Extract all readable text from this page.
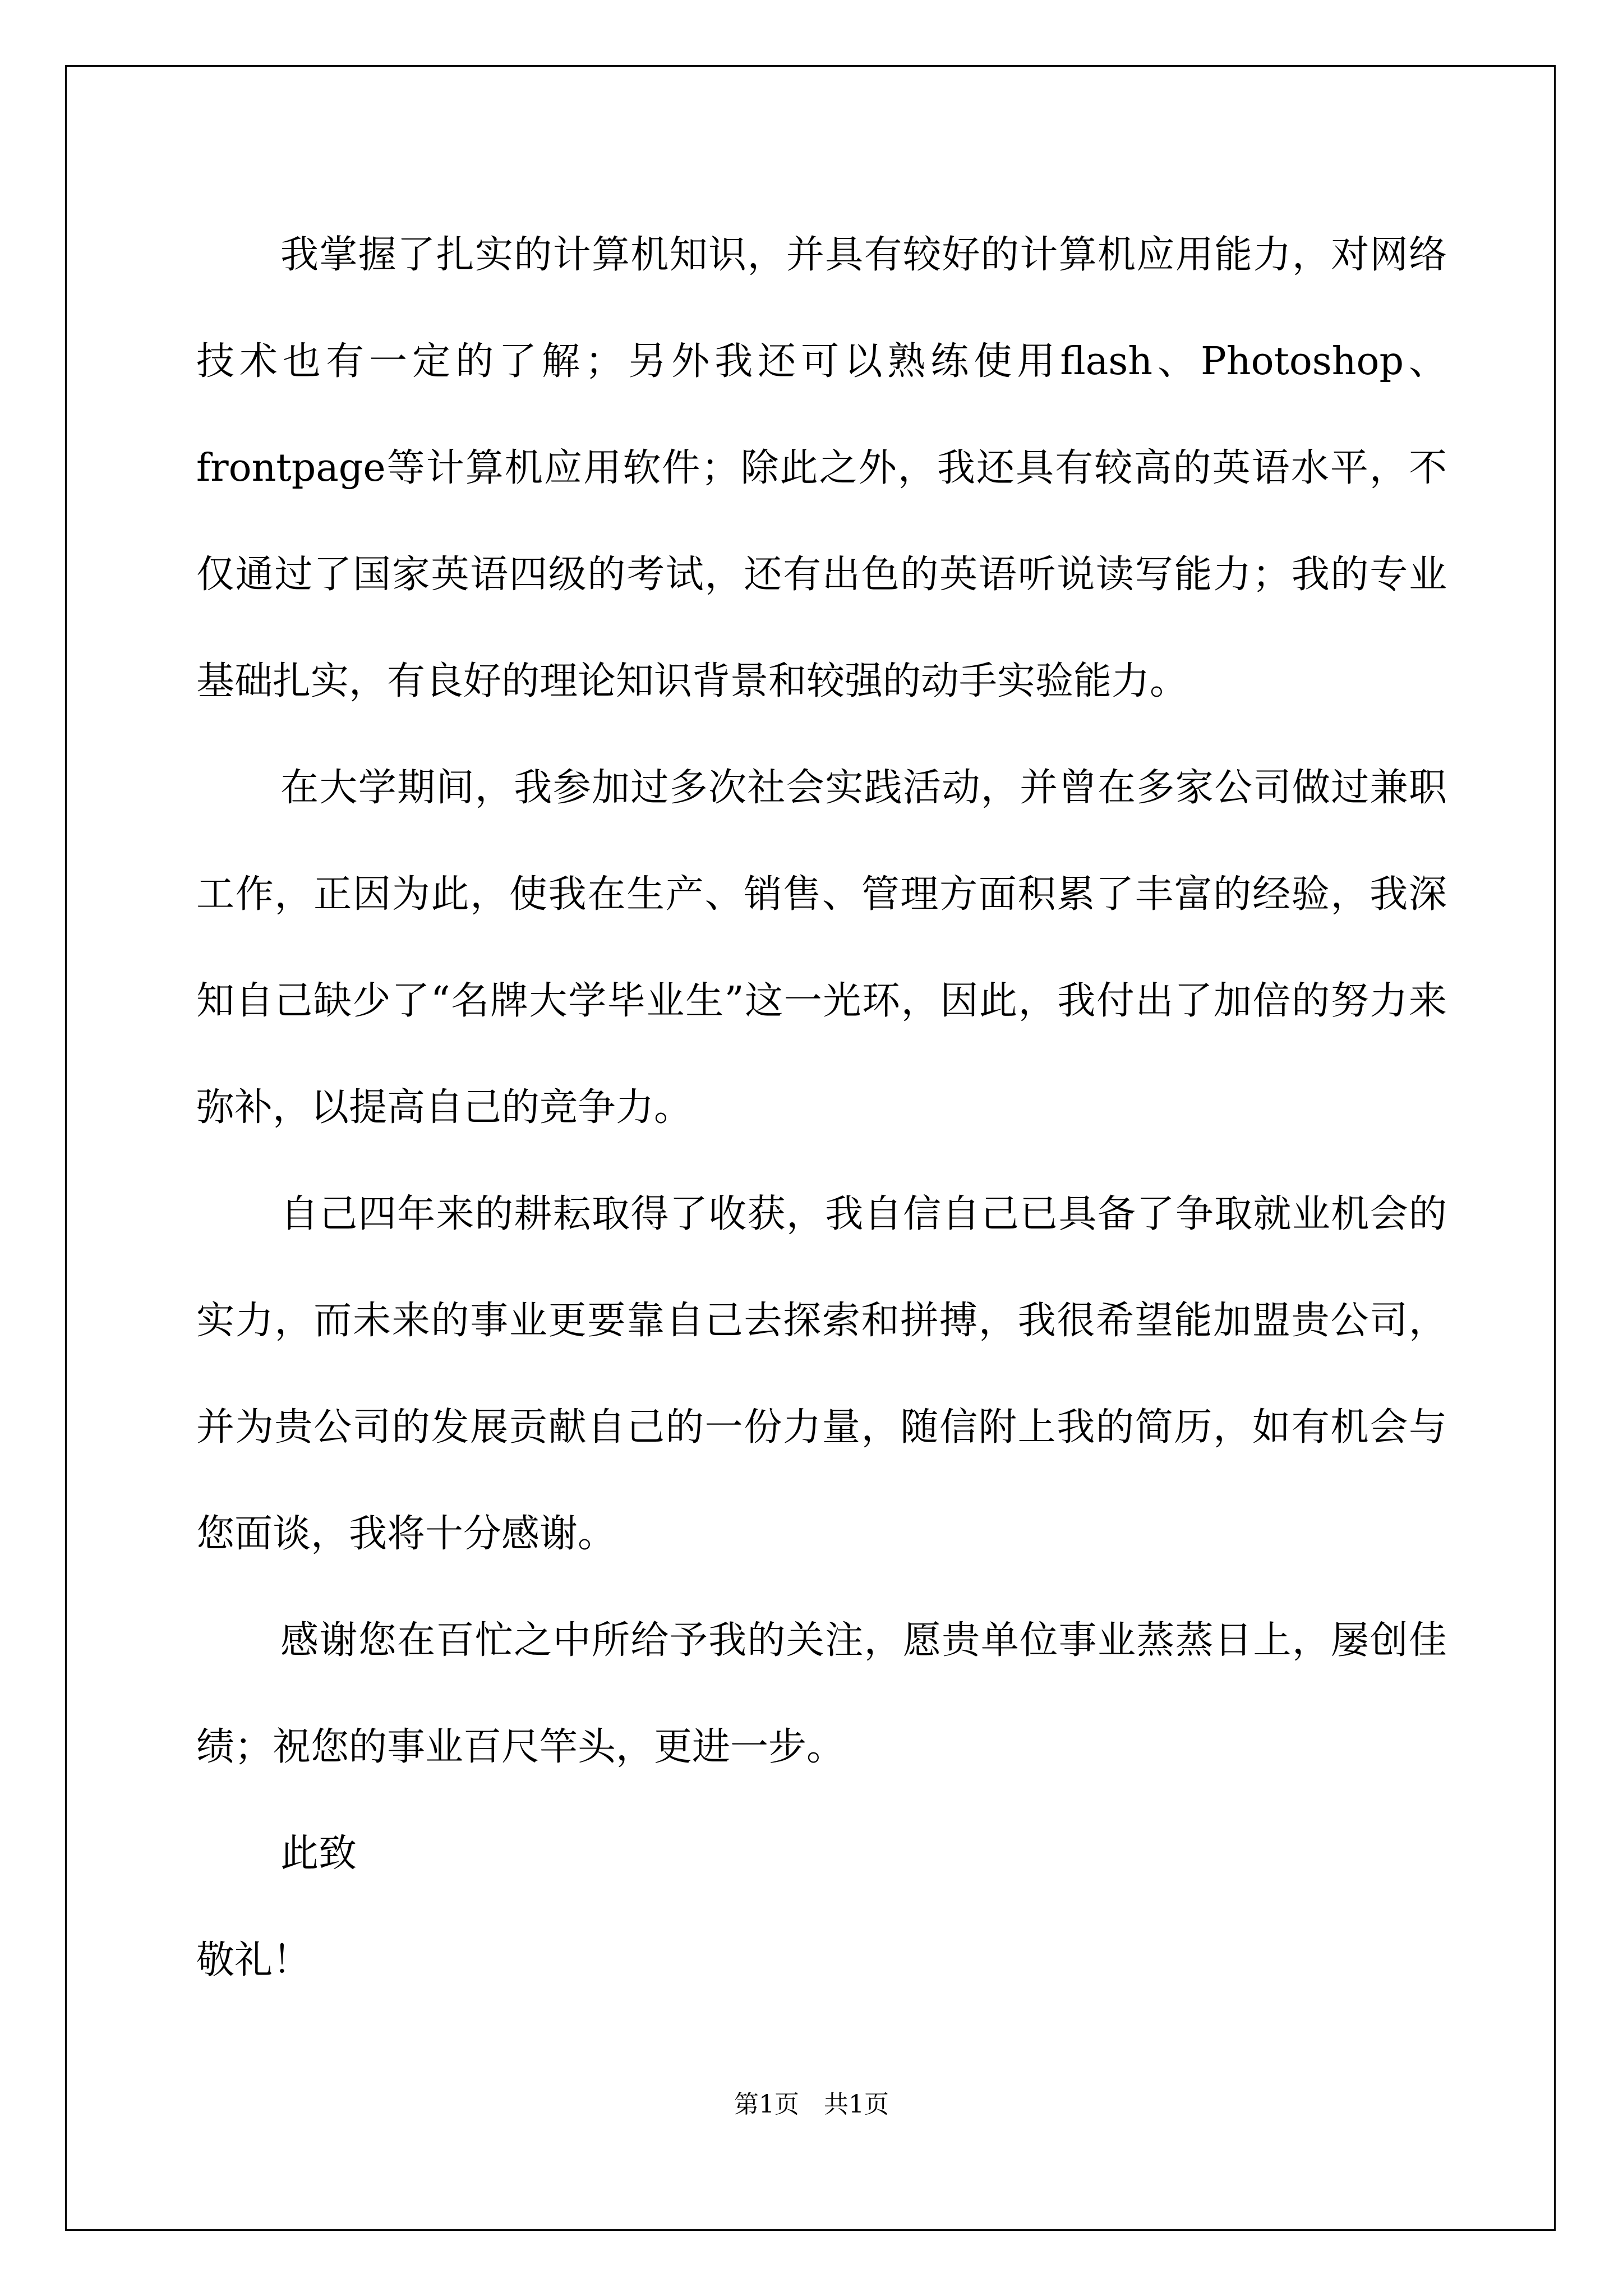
我掌握了扎实的计算机知识，并具有较好的计算机应用能力，对网络技术也有一定的了解；另外我还可以熟练使用flash、Photoshop、frontpage等计算机应用软件；除此之外，我还具有较高的英语水平，不仅通过了国家英语四级的考试，还有出色的英语听说读写能力；我的专业基础扎实，有良好的理论知识背景和较强的动手实验能力。

在大学期间，我参加过多次社会实践活动，并曾在多家公司做过兼职工作，正因为此，使我在生产、销售、管理方面积累了丰富的经验，我深知自己缺少了“名牌大学毕业生”这一光环，因此，我付出了加倍的努力来弥补，以提高自己的竞争力。

自己四年来的耕耘取得了收获，我自信自己已具备了争取就业机会的实力，而未来的事业更要靠自己去探索和拼搏，我很希望能加盟贵公司，并为贵公司的发展贡献自己的一份力量，随信附上我的简历，如有机会与您面谈，我将十分感谢。

感谢您在百忙之中所给予我的关注，愿贵单位事业蒸蒸日上，屡创佳绩；祝您的事业百尺竿头，更进一步。

此致

敬礼！

第1页　共1页
